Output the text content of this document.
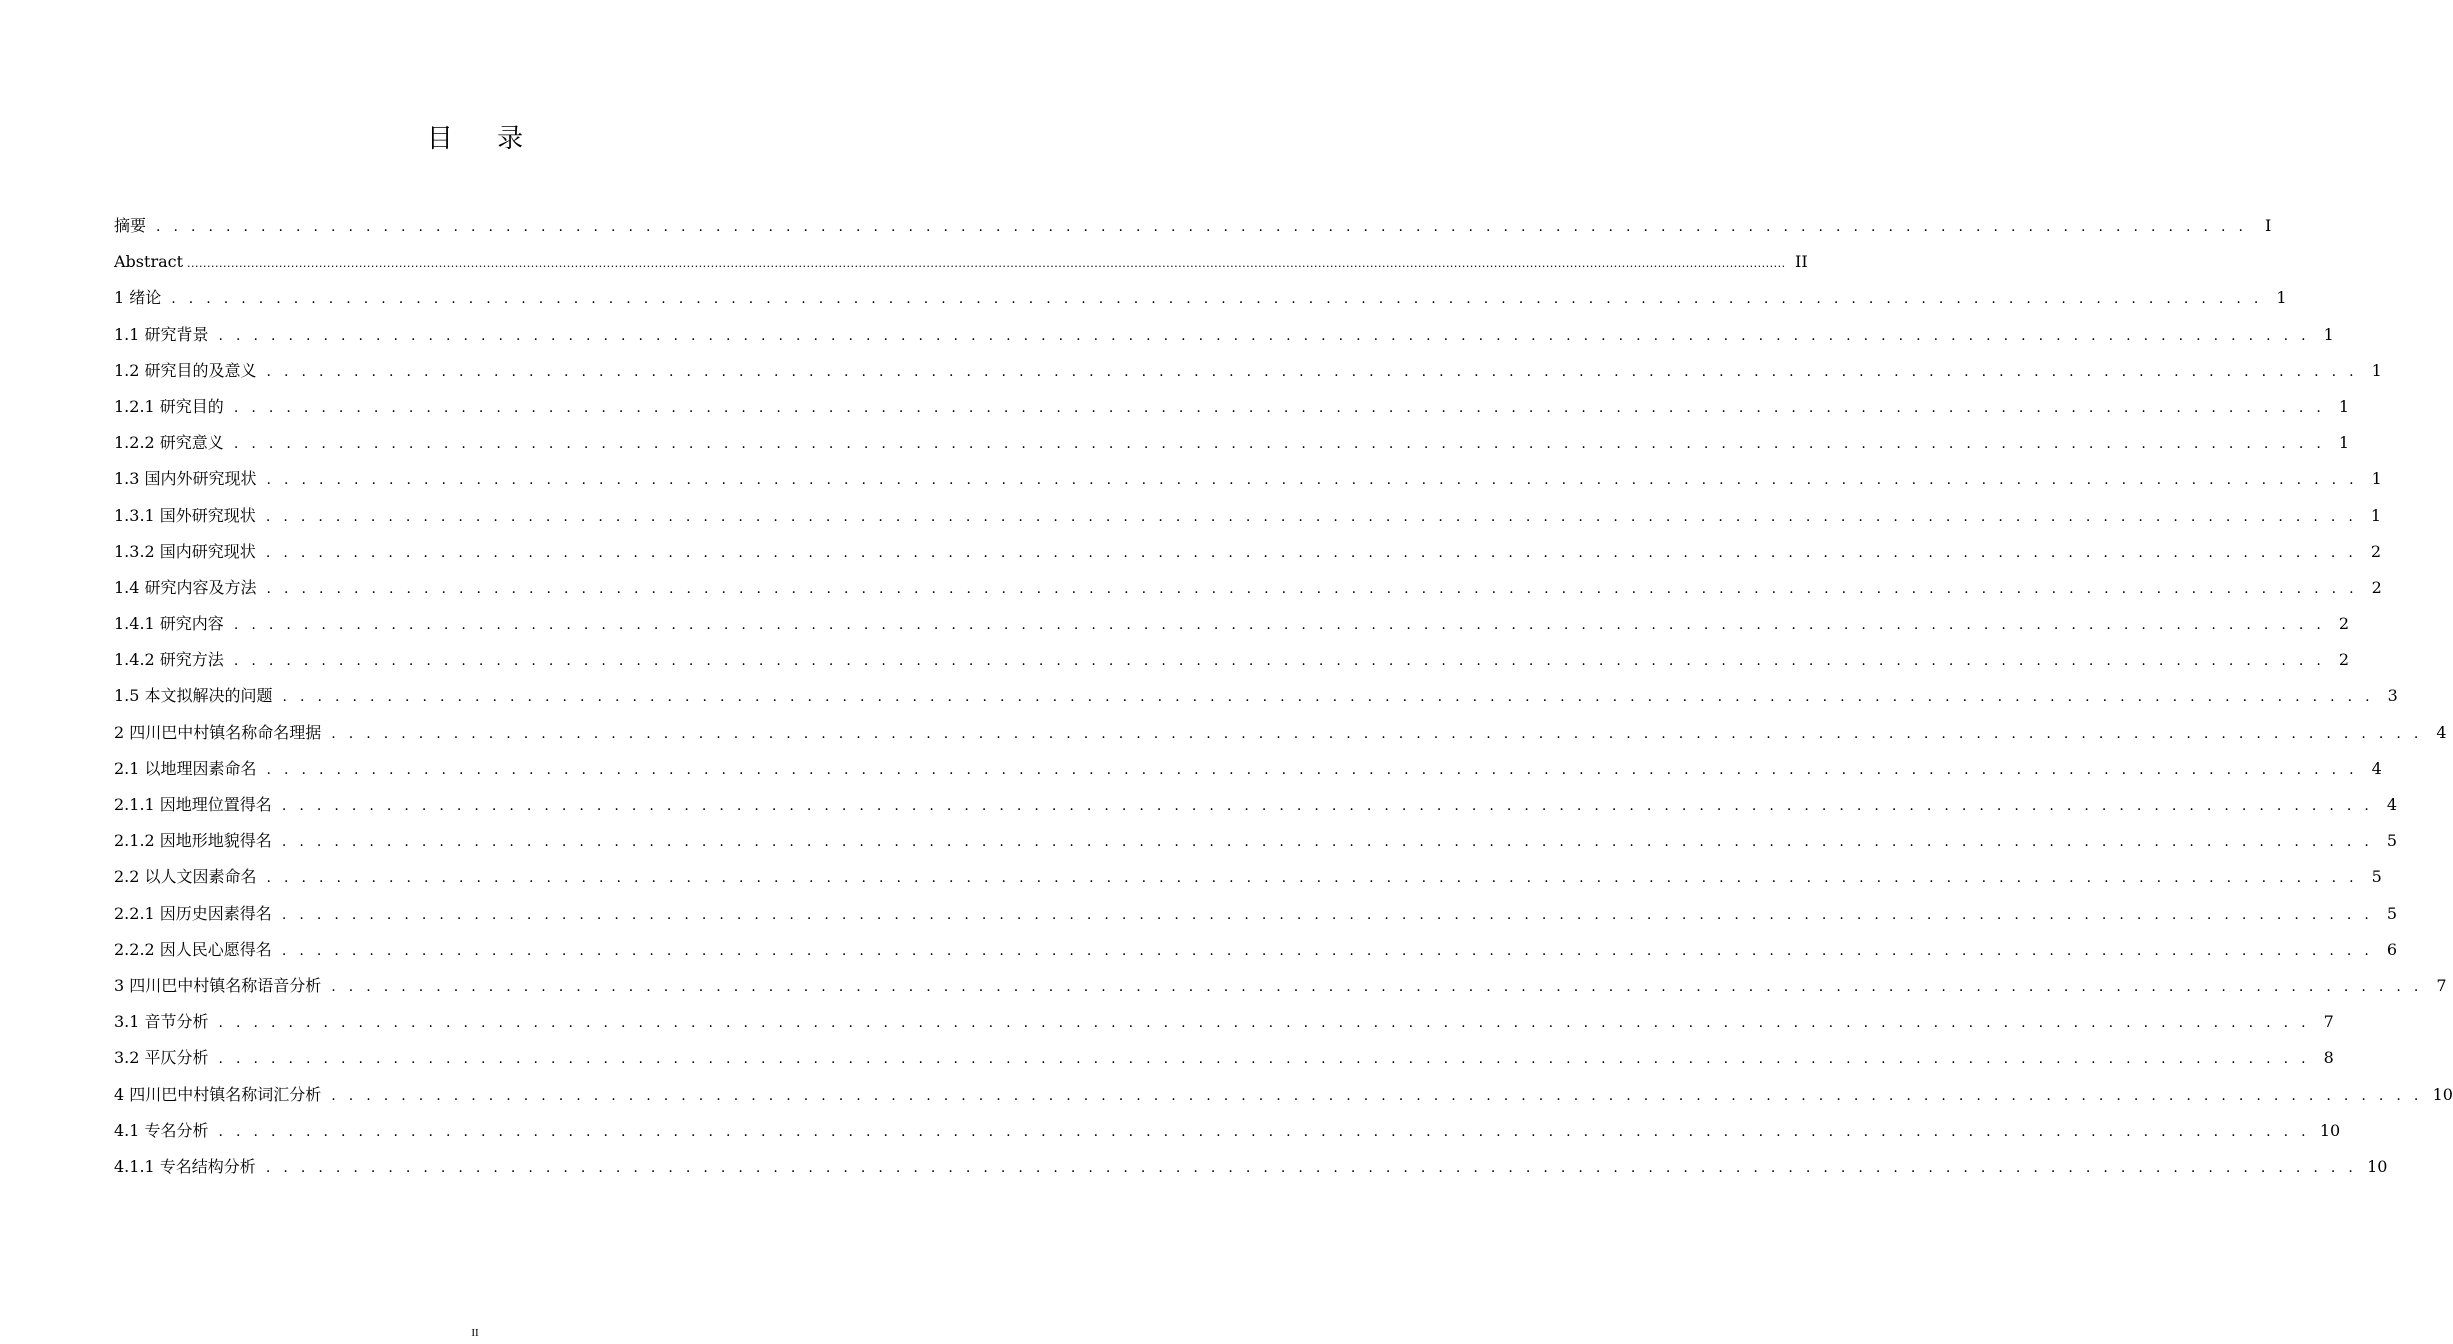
目 录
摘要 . . . . . . . . . . . . . . . . . . . . . . . . . . . . . . . . . . . . . . . . . . . . . . . . . . . . . . . . . . . . . . . . . . . . . . . . . . . . . . . . . . . . . . . . . . . . . . . . . . . . . . . . . . . . . . . . . . . . . . . .	I
Abstract ................................................................................................................................................................................................................................................................................................................................................................................................................ II
1 绪论 . . . . . . . . . . . . . . . . . . . . . . . . . . . . . . . . . . . . . . . . . . . . . . . . . . . . . . . . . . . . . . . . . . . . . . . . . . . . . . . . . . . . . . . . . . . . . . . . . . . . . . . . . . . . . . . . . . . . . . . . 1
1.1 研究背景 . . . . . . . . . . . . . . . . . . . . . . . . . . . . . . . . . . . . . . . . . . . . . . . . . . . . . . . . . . . . . . . . . . . . . . . . . . . . . . . . . . . . . . . . . . . . . . . . . . . . . . . . . . . . . . . . . . . . . . . . 1
1.2 研究目的及意义 . . . . . . . . . . . . . . . . . . . . . . . . . . . . . . . . . . . . . . . . . . . . . . . . . . . . . . . . . . . . . . . . . . . . . . . . . . . . . . . . . . . . . . . . . . . . . . . . . . . . . . . . . . . . . . . . . . . . . . . . 1
1.2.1 研究目的 . . . . . . . . . . . . . . . . . . . . . . . . . . . . . . . . . . . . . . . . . . . . . . . . . . . . . . . . . . . . . . . . . . . . . . . . . . . . . . . . . . . . . . . . . . . . . . . . . . . . . . . . . . . . . . . . . . . . . . . . 1
1.2.2 研究意义 . . . . . . . . . . . . . . . . . . . . . . . . . . . . . . . . . . . . . . . . . . . . . . . . . . . . . . . . . . . . . . . . . . . . . . . . . . . . . . . . . . . . . . . . . . . . . . . . . . . . . . . . . . . . . . . . . . . . . . . . 1
1.3 国内外研究现状 . . . . . . . . . . . . . . . . . . . . . . . . . . . . . . . . . . . . . . . . . . . . . . . . . . . . . . . . . . . . . . . . . . . . . . . . . . . . . . . . . . . . . . . . . . . . . . . . . . . . . . . . . . . . . . . . . . . . . . . . 1
1.3.1 国外研究现状 . . . . . . . . . . . . . . . . . . . . . . . . . . . . . . . . . . . . . . . . . . . . . . . . . . . . . . . . . . . . . . . . . . . . . . . . . . . . . . . . . . . . . . . . . . . . . . . . . . . . . . . . . . . . . . . . . . . . . . . . 1
1.3.2 国内研究现状 . . . . . . . . . . . . . . . . . . . . . . . . . . . . . . . . . . . . . . . . . . . . . . . . . . . . . . . . . . . . . . . . . . . . . . . . . . . . . . . . . . . . . . . . . . . . . . . . . . . . . . . . . . . . . . . . . . . . . . . . 2
1.4 研究内容及方法 . . . . . . . . . . . . . . . . . . . . . . . . . . . . . . . . . . . . . . . . . . . . . . . . . . . . . . . . . . . . . . . . . . . . . . . . . . . . . . . . . . . . . . . . . . . . . . . . . . . . . . . . . . . . . . . . . . . . . . . . 2
1.4.1 研究内容 . . . . . . . . . . . . . . . . . . . . . . . . . . . . . . . . . . . . . . . . . . . . . . . . . . . . . . . . . . . . . . . . . . . . . . . . . . . . . . . . . . . . . . . . . . . . . . . . . . . . . . . . . . . . . . . . . . . . . . . . 2
1.4.2 研究方法 . . . . . . . . . . . . . . . . . . . . . . . . . . . . . . . . . . . . . . . . . . . . . . . . . . . . . . . . . . . . . . . . . . . . . . . . . . . . . . . . . . . . . . . . . . . . . . . . . . . . . . . . . . . . . . . . . . . . . . . . 2
1.5 本文拟解决的问题 . . . . . . . . . . . . . . . . . . . . . . . . . . . . . . . . . . . . . . . . . . . . . . . . . . . . . . . . . . . . . . . . . . . . . . . . . . . . . . . . . . . . . . . . . . . . . . . . . . . . . . . . . . . . . . . . . . . . . . . . 3
2 四川巴中村镇名称命名理据 . . . . . . . . . . . . . . . . . . . . . . . . . . . . . . . . . . . . . . . . . . . . . . . . . . . . . . . . . . . . . . . . . . . . . . . . . . . . . . . . . . . . . . . . . . . . . . . . . . . . . . . . . . . . . . . . . . . . . . . . 4
2.1 以地理因素命名 . . . . . . . . . . . . . . . . . . . . . . . . . . . . . . . . . . . . . . . . . . . . . . . . . . . . . . . . . . . . . . . . . . . . . . . . . . . . . . . . . . . . . . . . . . . . . . . . . . . . . . . . . . . . . . . . . . . . . . . . 4
2.1.1 因地理位置得名 . . . . . . . . . . . . . . . . . . . . . . . . . . . . . . . . . . . . . . . . . . . . . . . . . . . . . . . . . . . . . . . . . . . . . . . . . . . . . . . . . . . . . . . . . . . . . . . . . . . . . . . . . . . . . . . . . . . . . . . . 4
2.1.2 因地形地貌得名 . . . . . . . . . . . . . . . . . . . . . . . . . . . . . . . . . . . . . . . . . . . . . . . . . . . . . . . . . . . . . . . . . . . . . . . . . . . . . . . . . . . . . . . . . . . . . . . . . . . . . . . . . . . . . . . . . . . . . . . . 5
2.2 以人文因素命名 . . . . . . . . . . . . . . . . . . . . . . . . . . . . . . . . . . . . . . . . . . . . . . . . . . . . . . . . . . . . . . . . . . . . . . . . . . . . . . . . . . . . . . . . . . . . . . . . . . . . . . . . . . . . . . . . . . . . . . . . 5
2.2.1 因历史因素得名 . . . . . . . . . . . . . . . . . . . . . . . . . . . . . . . . . . . . . . . . . . . . . . . . . . . . . . . . . . . . . . . . . . . . . . . . . . . . . . . . . . . . . . . . . . . . . . . . . . . . . . . . . . . . . . . . . . . . . . . . 5
2.2.2 因人民心愿得名 . . . . . . . . . . . . . . . . . . . . . . . . . . . . . . . . . . . . . . . . . . . . . . . . . . . . . . . . . . . . . . . . . . . . . . . . . . . . . . . . . . . . . . . . . . . . . . . . . . . . . . . . . . . . . . . . . . . . . . . . 6
3 四川巴中村镇名称语音分析 . . . . . . . . . . . . . . . . . . . . . . . . . . . . . . . . . . . . . . . . . . . . . . . . . . . . . . . . . . . . . . . . . . . . . . . . . . . . . . . . . . . . . . . . . . . . . . . . . . . . . . . . . . . . . . . . . . . . . . . . 7
3.1 音节分析 . . . . . . . . . . . . . . . . . . . . . . . . . . . . . . . . . . . . . . . . . . . . . . . . . . . . . . . . . . . . . . . . . . . . . . . . . . . . . . . . . . . . . . . . . . . . . . . . . . . . . . . . . . . . . . . . . . . . . . . . 7
3.2 平仄分析 . . . . . . . . . . . . . . . . . . . . . . . . . . . . . . . . . . . . . . . . . . . . . . . . . . . . . . . . . . . . . . . . . . . . . . . . . . . . . . . . . . . . . . . . . . . . . . . . . . . . . . . . . . . . . . . . . . . . . . . . 8
4 四川巴中村镇名称词汇分析 . . . . . . . . . . . . . . . . . . . . . . . . . . . . . . . . . . . . . . . . . . . . . . . . . . . . . . . . . . . . . . . . . . . . . . . . . . . . . . . . . . . . . . . . . . . . . . . . . . . . . . . . . . . . . . . . . . . . . . . . 10
4.1 专名分析 . . . . . . . . . . . . . . . . . . . . . . . . . . . . . . . . . . . . . . . . . . . . . . . . . . . . . . . . . . . . . . . . . . . . . . . . . . . . . . . . . . . . . . . . . . . . . . . . . . . . . . . . . . . . . . . . . . . . . . . . 10
4.1.1 专名结构分析 . . . . . . . . . . . . . . . . . . . . . . . . . . . . . . . . . . . . . . . . . . . . . . . . . . . . . . . . . . . . . . . . . . . . . . . . . . . . . . . . . . . . . . . . . . . . . . . . . . . . . . . . . . . . . . . . . . . . . . . . 10
II
